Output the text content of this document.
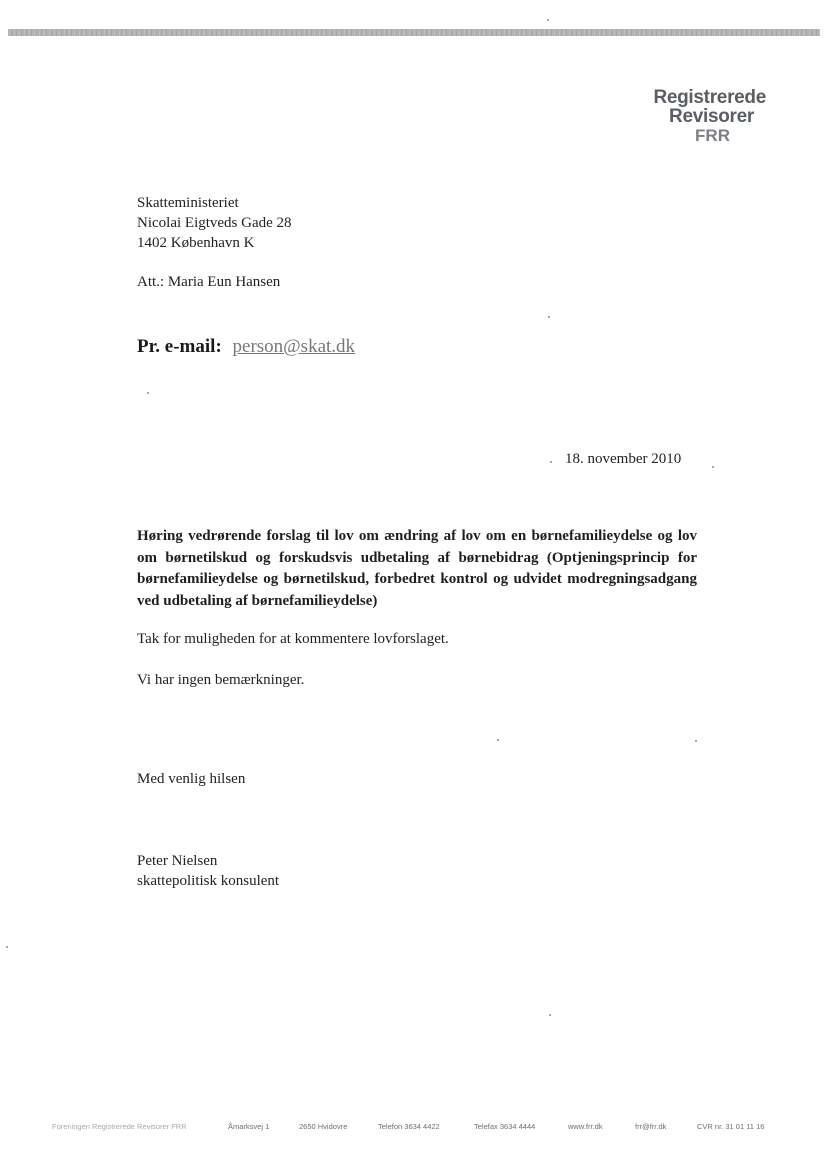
Registrerede
Revisorer
FRR
Skatteministeriet
Nicolai Eigtveds Gade 28
1402 København K
Att.: Maria Eun Hansen
Pr. e-mail: person@skat.dk
18. november 2010
Høring vedrørende forslag til lov om ændring af lov om en børnefamilieydelse og lov om børnetilskud og forskudsvis udbetaling af børnebidrag (Optjeningsprincip for børnefamilieydelse og børnetilskud, forbedret kontrol og udvidet modregningsadgang ved udbetaling af børnefamilieydelse)
Tak for muligheden for at kommentere lovforslaget.
Vi har ingen bemærkninger.
Med venlig hilsen
Peter Nielsen
skattepolitisk konsulent
Foreningen Registrerede Revisorer FRR	Åmarksvej 1	2650 Hvidovre	Telefon 3634 4422	Telefax 3634 4444	www.frr.dk	frr@frr.dk	CVR nr. 31 01 11 16
